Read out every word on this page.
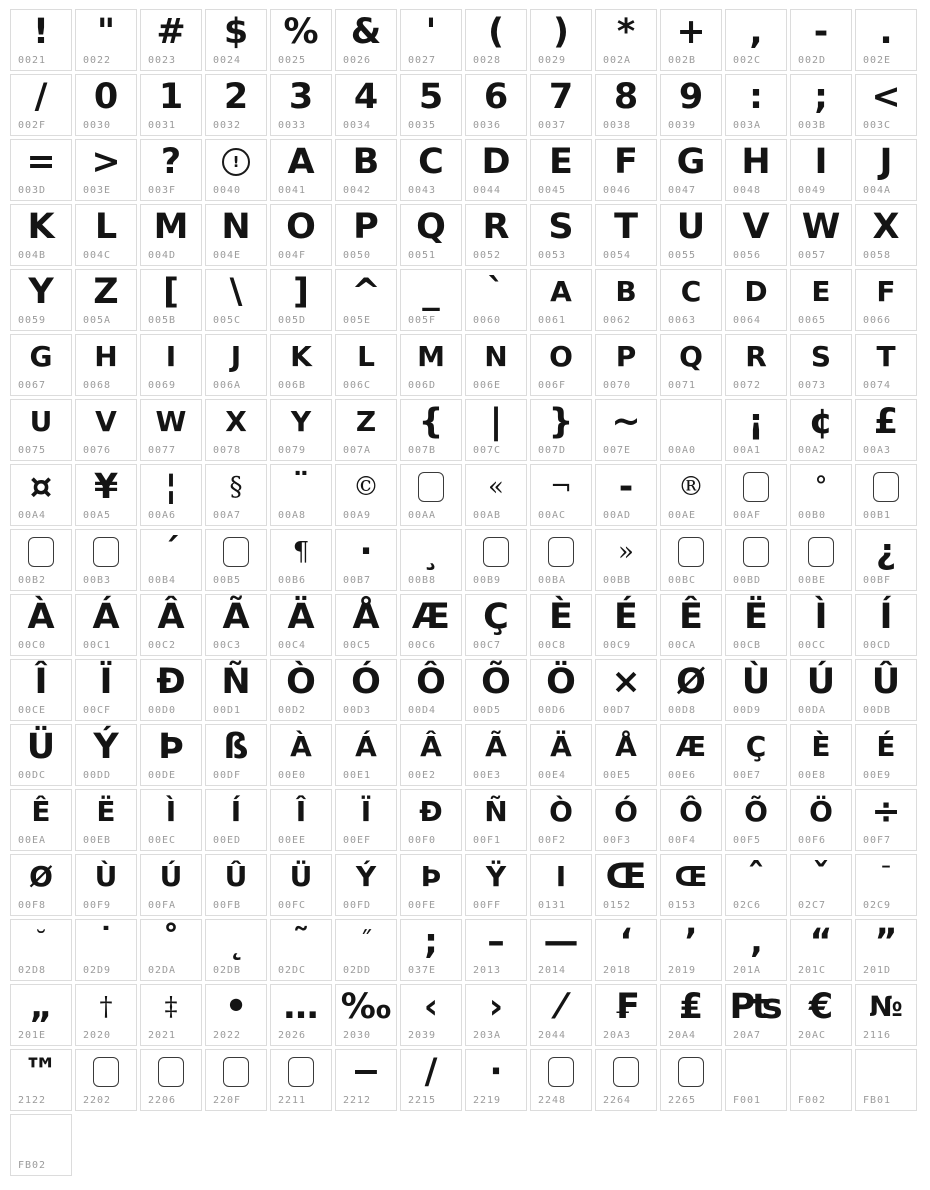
!
0021
"
0022
#
0023
$
0024
%
0025
&
0026
'
0027
(
0028
)
0029
*
002A
+
002B
,
002C
-
002D
.
002E
/
002F
0
0030
1
0031
2
0032
3
0033
4
0034
5
0035
6
0036
7
0037
8
0038
9
0039
:
003A
;
003B
<
003C
=
003D
>
003E
?
003F
!
0040
A
0041
B
0042
C
0043
D
0044
E
0045
F
0046
G
0047
H
0048
I
0049
J
004A
K
004B
L
004C
M
004D
N
004E
O
004F
P
0050
Q
0051
R
0052
S
0053
T
0054
U
0055
V
0056
W
0057
X
0058
Y
0059
Z
005A
[
005B
\
005C
]
005D
^
005E
_
005F
`
0060
A
0061
B
0062
C
0063
D
0064
E
0065
F
0066
G
0067
H
0068
I
0069
J
006A
K
006B
L
006C
M
006D
N
006E
O
006F
P
0070
Q
0071
R
0072
S
0073
T
0074
U
0075
V
0076
W
0077
X
0078
Y
0079
Z
007A
{
007B
|
007C
}
007D
~
007E	00A0
¡
00A1
¢
00A2
£
00A3
¤
00A4
¥
00A5
¦
00A6
§
00A7
¨
00A8
©
00A9	00AA
«
00AB
¬
00AC
-
00AD
®
00AE	00AF
°
00B0	00B1
00B2	00B3
´
00B4	00B5
¶
00B6
·
00B7
¸
00B8	00B9	00BA
»
00BB	00BC	00BD	00BE
¿
00BF
À
00C0
Á
00C1
Â
00C2
Ã
00C3
Ä
00C4
Å
00C5
Æ
00C6
Ç
00C7
È
00C8
É
00C9
Ê
00CA
Ë
00CB
Ì
00CC
Í
00CD
Î
00CE
Ï
00CF
Ð
00D0
Ñ
00D1
Ò
00D2
Ó
00D3
Ô
00D4
Õ
00D5
Ö
00D6
×
00D7
Ø
00D8
Ù
00D9
Ú
00DA
Û
00DB
Ü
00DC
Ý
00DD
Þ
00DE
ß
00DF
À
00E0
Á
00E1
Â
00E2
Ã
00E3
Ä
00E4
Å
00E5
Æ
00E6
Ç
00E7
È
00E8
É
00E9
Ê
00EA
Ë
00EB
Ì
00EC
Í
00ED
Î
00EE
Ï
00EF
Ð
00F0
Ñ
00F1
Ò
00F2
Ó
00F3
Ô
00F4
Õ
00F5
Ö
00F6
÷
00F7
Ø
00F8
Ù
00F9
Ú
00FA
Û
00FB
Ü
00FC
Ý
00FD
Þ
00FE
Ÿ
00FF
I
0131
Œ
0152
Œ
0153
ˆ
02C6
ˇ
02C7
ˉ
02C9
˘
02D8
˙
02D9
˚
02DA
˛
02DB
˜
02DC
˝
02DD
;
037E
–
2013
—
2014
‘
2018
’
2019
‚
201A
“
201C
”
201D
„
201E
†
2020
‡
2021
•
2022
…
2026
‰
2030
‹
2039
›
203A
⁄
2044
₣
20A3
₤
20A4
₧
20A7
€
20AC
№
2116
™
2122	2202	2206	220F	2211
−
2212
∕
2215
∙
2219	2248	2264	2265	F001	F002	FB01
FB02
